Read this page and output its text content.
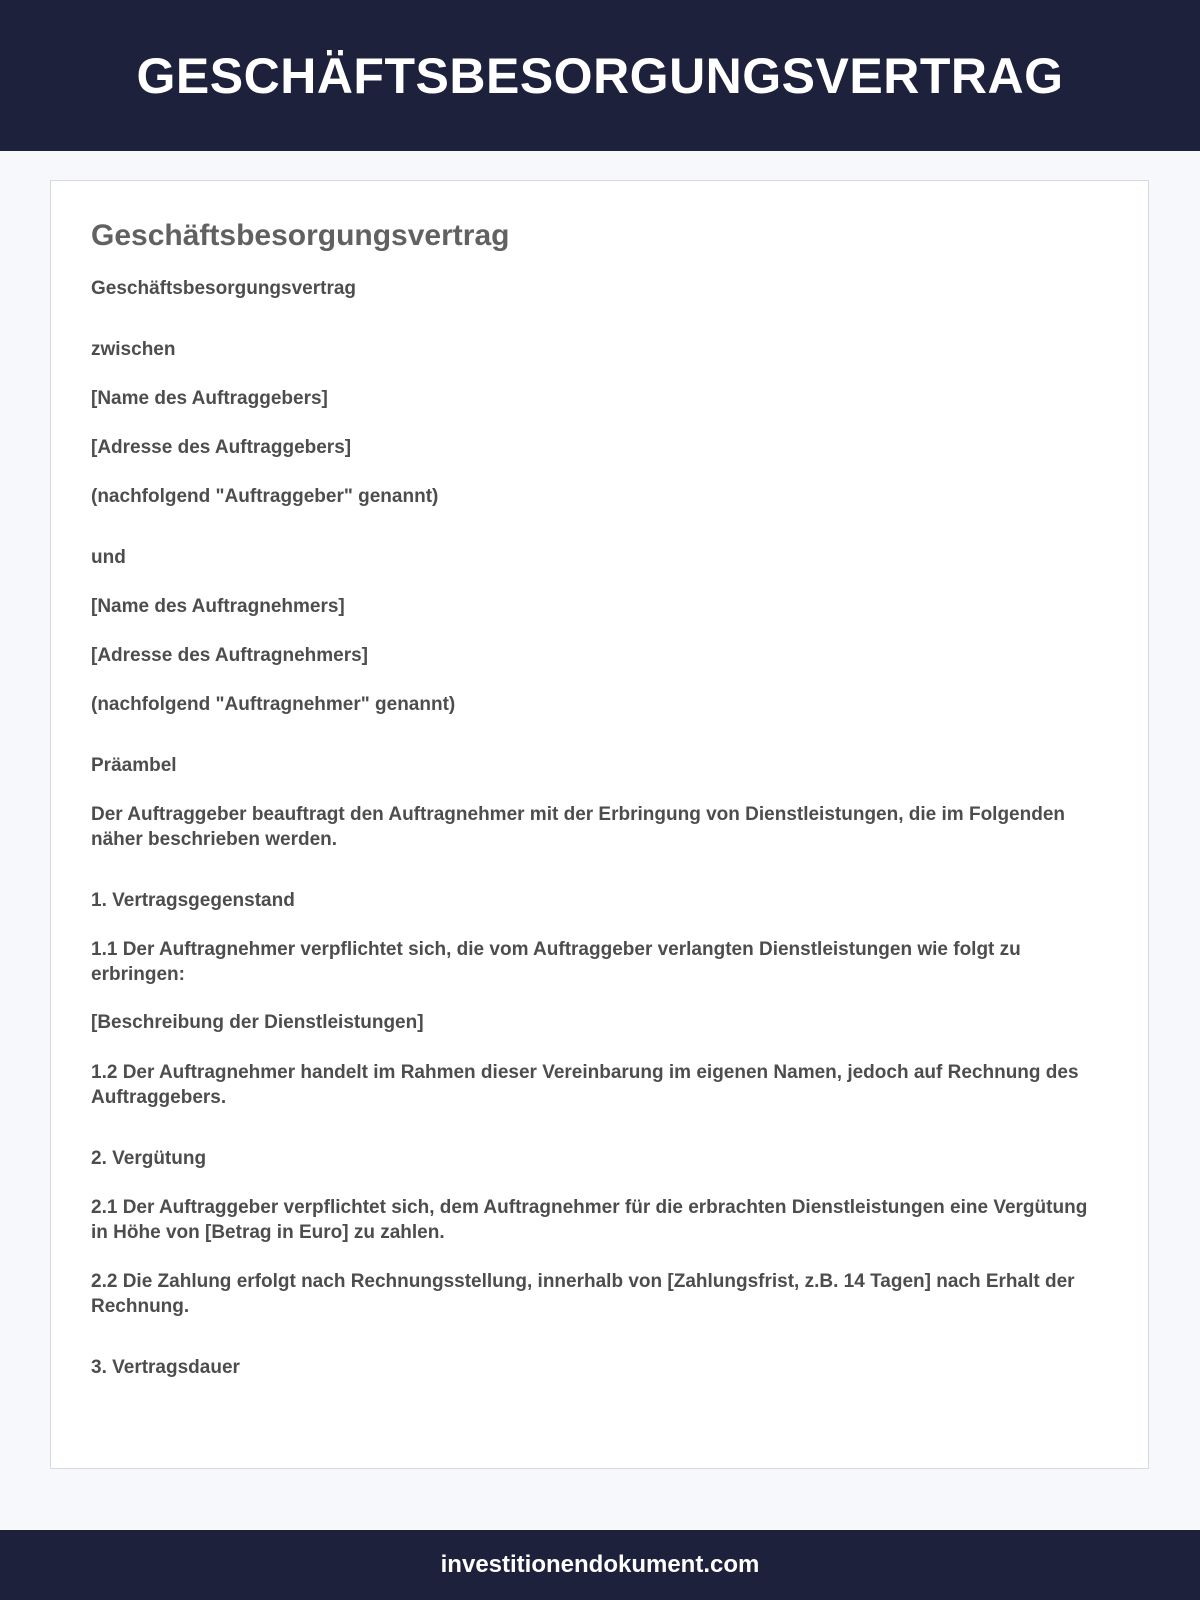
GESCHÄFTSBESORGUNGSVERTRAG
Geschäftsbesorgungsvertrag

Geschäftsbesorgungsvertrag

zwischen

[Name des Auftraggebers]

[Adresse des Auftraggebers]

(nachfolgend "Auftraggeber" genannt)

und

[Name des Auftragnehmers]

[Adresse des Auftragnehmers]

(nachfolgend "Auftragnehmer" genannt)

Präambel

Der Auftraggeber beauftragt den Auftragnehmer mit der Erbringung von Dienstleistungen, die im Folgenden näher beschrieben werden.

1. Vertragsgegenstand

1.1 Der Auftragnehmer verpflichtet sich, die vom Auftraggeber verlangten Dienstleistungen wie folgt zu erbringen:

[Beschreibung der Dienstleistungen]

1.2 Der Auftragnehmer handelt im Rahmen dieser Vereinbarung im eigenen Namen, jedoch auf Rechnung des Auftraggebers.

2. Vergütung

2.1 Der Auftraggeber verpflichtet sich, dem Auftragnehmer für die erbrachten Dienstleistungen eine Vergütung in Höhe von [Betrag in Euro] zu zahlen.

2.2 Die Zahlung erfolgt nach Rechnungsstellung, innerhalb von [Zahlungsfrist, z.B. 14 Tagen] nach Erhalt der Rechnung.

3. Vertragsdauer

investitionendokument.com
